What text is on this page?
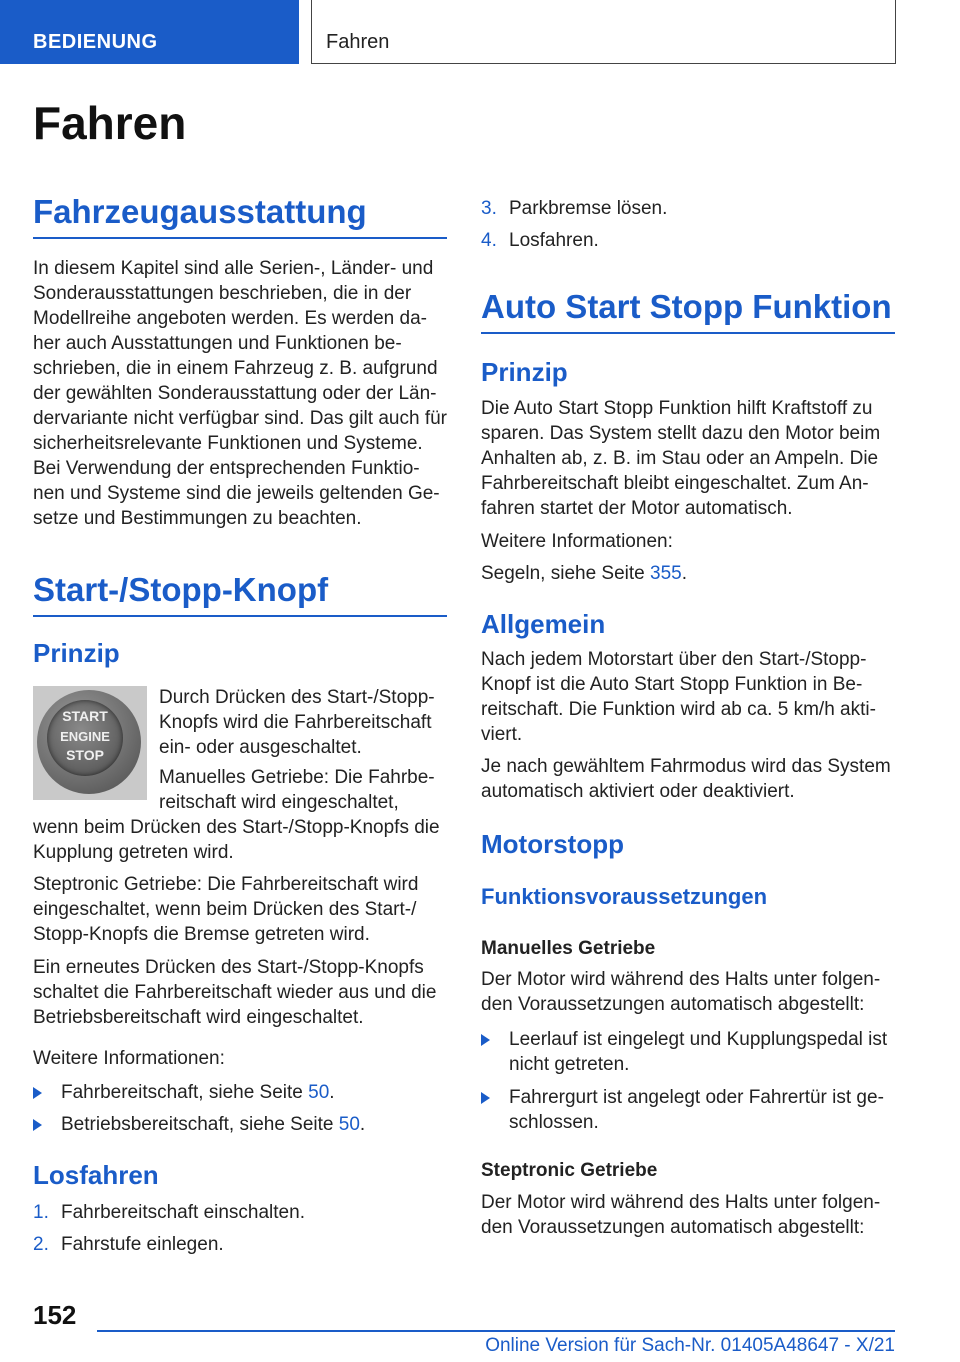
BEDIENUNG	Fahren
Fahren
Fahrzeugausstattung
In diesem Kapitel sind alle Serien-, Länder- und
Sonderausstattungen beschrieben, die in der
Modellreihe angeboten werden. Es werden da-
her auch Ausstattungen und Funktionen be-
schrieben, die in einem Fahrzeug z. B. aufgrund
der gewählten Sonderausstattung oder der Län-
dervariante nicht verfügbar sind. Das gilt auch für
sicherheitsrelevante Funktionen und Systeme.
Bei Verwendung der entsprechenden Funktio-
nen und Systeme sind die jeweils geltenden Ge-
setze und Bestimmungen zu beachten.
Start-/Stopp-Knopf
Prinzip
START
ENGINE
STOP
Durch Drücken des Start-/Stopp-
Knopfs wird die Fahrbereitschaft
ein- oder ausgeschaltet.
Manuelles Getriebe: Die Fahrbe-
reitschaft wird eingeschaltet,
wenn beim Drücken des Start-/Stopp-Knopfs die
Kupplung getreten wird.
Steptronic Getriebe: Die Fahrbereitschaft wird
eingeschaltet, wenn beim Drücken des Start-/
Stopp-Knopfs die Bremse getreten wird.
Ein erneutes Drücken des Start-/Stopp-Knopfs
schaltet die Fahrbereitschaft wieder aus und die
Betriebsbereitschaft wird eingeschaltet.
Weitere Informationen:
Fahrbereitschaft, siehe Seite 50.
Betriebsbereitschaft, siehe Seite 50.
Losfahren
1. Fahrbereitschaft einschalten.
2. Fahrstufe einlegen.
3. Parkbremse lösen.
4. Losfahren.
Auto Start Stopp Funktion
Prinzip
Die Auto Start Stopp Funktion hilft Kraftstoff zu
sparen. Das System stellt dazu den Motor beim
Anhalten ab, z. B. im Stau oder an Ampeln. Die
Fahrbereitschaft bleibt eingeschaltet. Zum An-
fahren startet der Motor automatisch.
Weitere Informationen:
Segeln, siehe Seite 355.
Allgemein
Nach jedem Motorstart über den Start-/Stopp-
Knopf ist die Auto Start Stopp Funktion in Be-
reitschaft. Die Funktion wird ab ca. 5 km/h akti-
viert.
Je nach gewähltem Fahrmodus wird das System
automatisch aktiviert oder deaktiviert.
Motorstopp
Funktionsvoraussetzungen
Manuelles Getriebe
Der Motor wird während des Halts unter folgen-
den Voraussetzungen automatisch abgestellt:
Leerlauf ist eingelegt und Kupplungspedal ist
nicht getreten.
Fahrergurt ist angelegt oder Fahrertür ist ge-
schlossen.
Steptronic Getriebe
Der Motor wird während des Halts unter folgen-
den Voraussetzungen automatisch abgestellt:
152
Online Version für Sach-Nr. 01405A48647 - X/21
